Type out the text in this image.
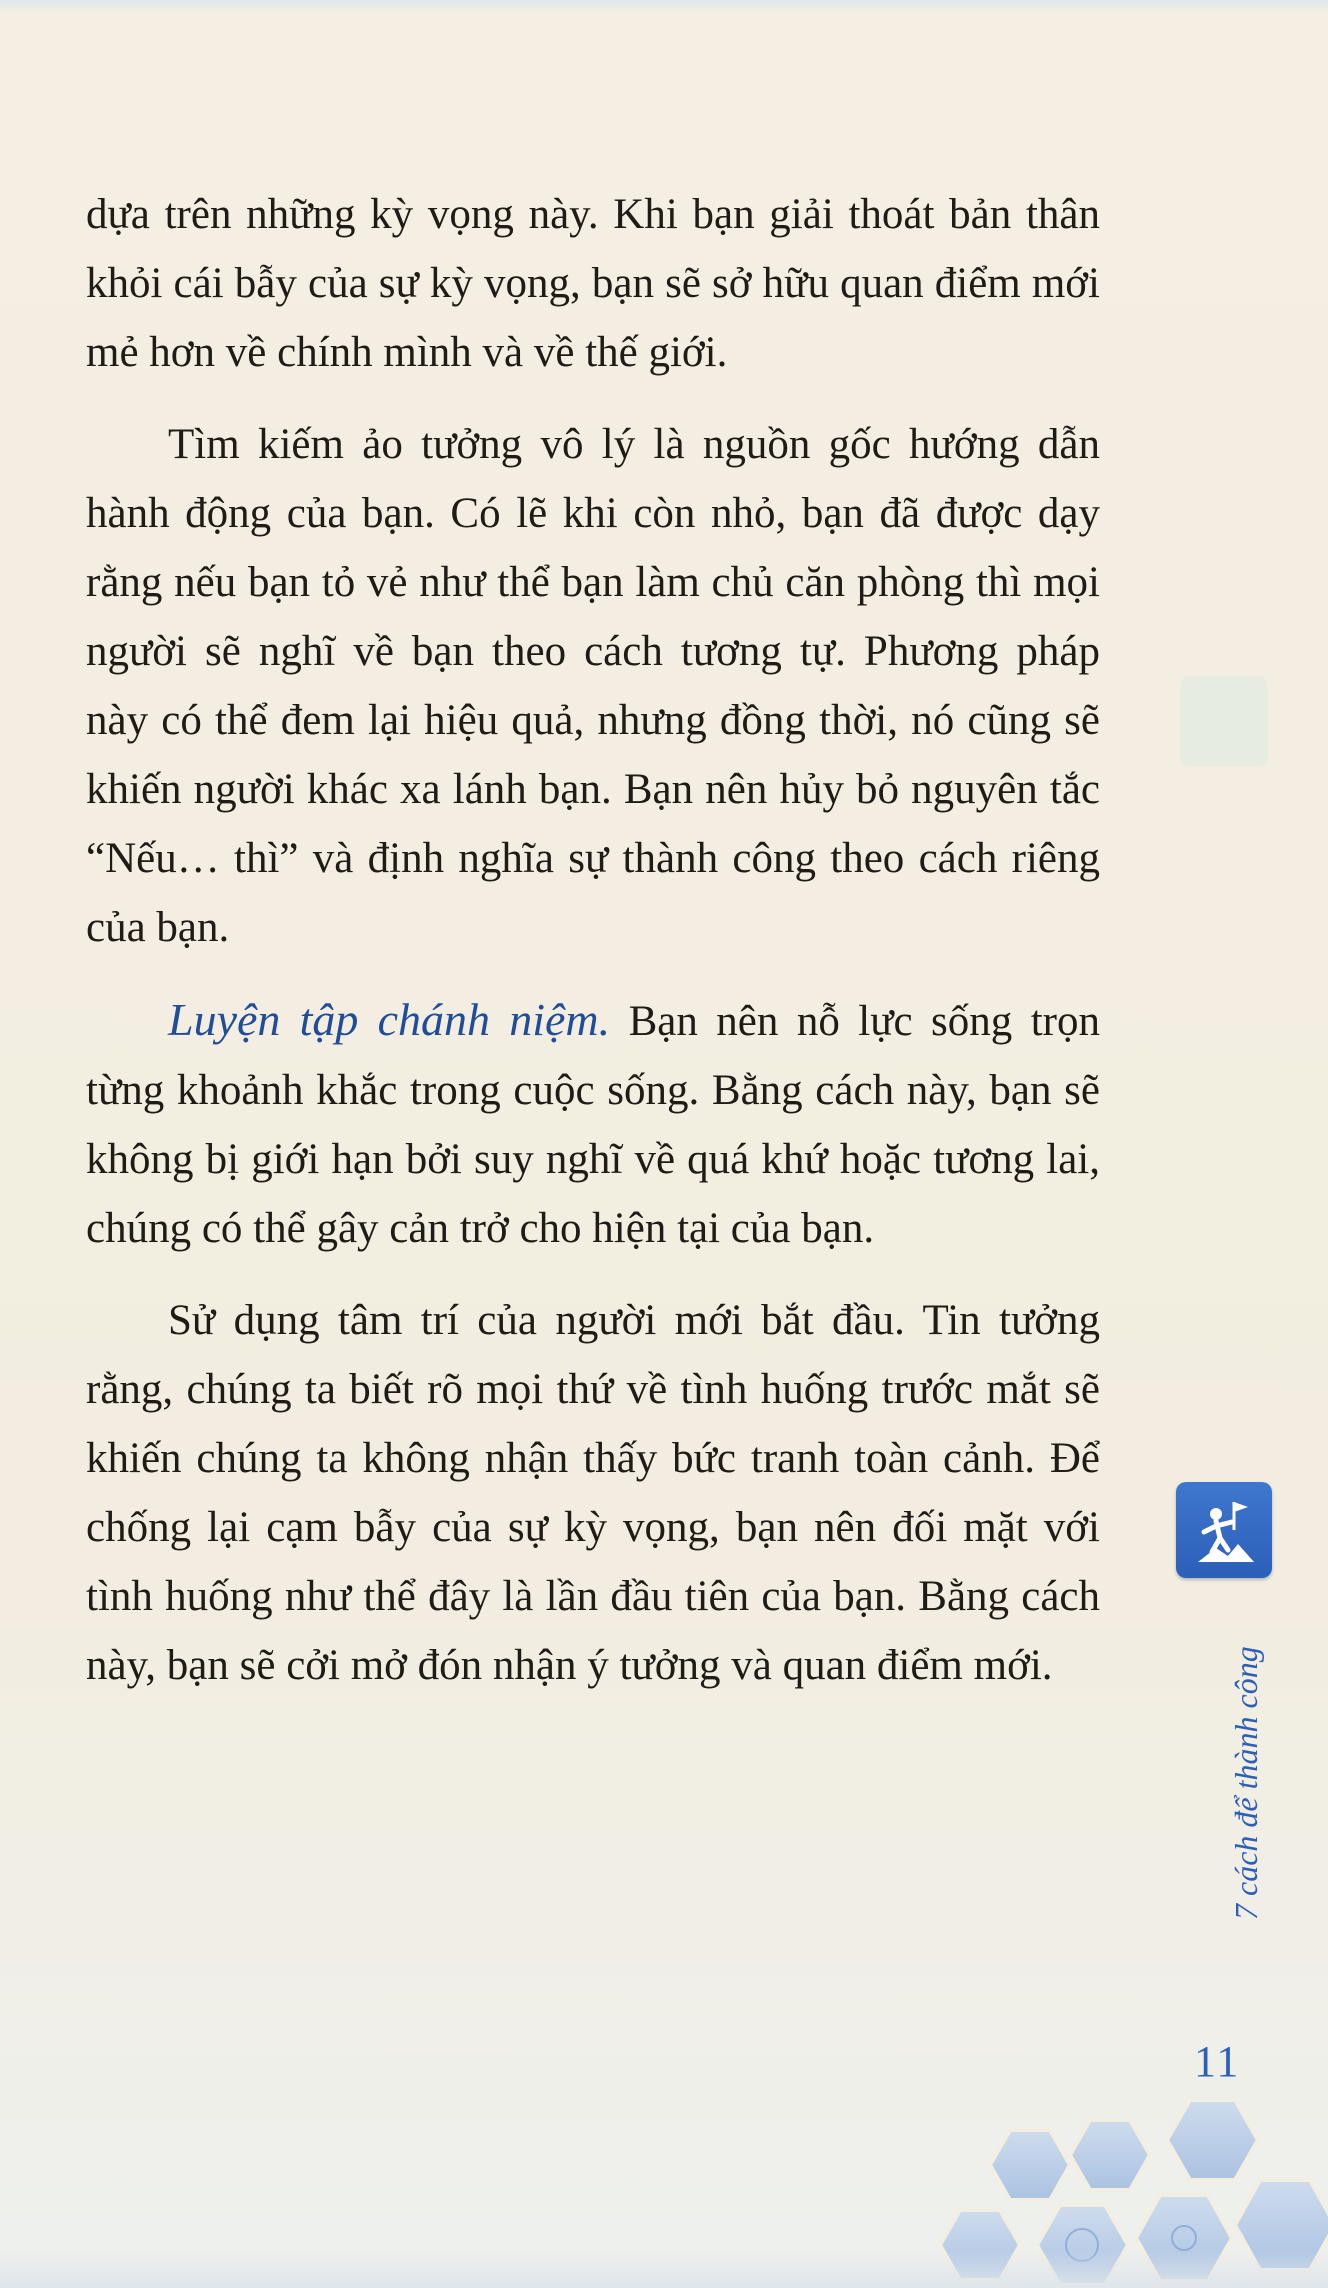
dựa trên những kỳ vọng này. Khi bạn giải thoát bản thân khỏi cái bẫy của sự kỳ vọng, bạn sẽ sở hữu quan điểm mới mẻ hơn về chính mình và về thế giới.

Tìm kiếm ảo tưởng vô lý là nguồn gốc hướng dẫn hành động của bạn. Có lẽ khi còn nhỏ, bạn đã được dạy rằng nếu bạn tỏ vẻ như thể bạn làm chủ căn phòng thì mọi người sẽ nghĩ về bạn theo cách tương tự. Phương pháp này có thể đem lại hiệu quả, nhưng đồng thời, nó cũng sẽ khiến người khác xa lánh bạn. Bạn nên hủy bỏ nguyên tắc “Nếu… thì” và định nghĩa sự thành công theo cách riêng của bạn.

Luyện tập chánh niệm. Bạn nên nỗ lực sống trọn từng khoảnh khắc trong cuộc sống. Bằng cách này, bạn sẽ không bị giới hạn bởi suy nghĩ về quá khứ hoặc tương lai, chúng có thể gây cản trở cho hiện tại của bạn.

Sử dụng tâm trí của người mới bắt đầu. Tin tưởng rằng, chúng ta biết rõ mọi thứ về tình huống trước mắt sẽ khiến chúng ta không nhận thấy bức tranh toàn cảnh. Để chống lại cạm bẫy của sự kỳ vọng, bạn nên đối mặt với tình huống như thể đây là lần đầu tiên của bạn. Bằng cách này, bạn sẽ cởi mở đón nhận ý tưởng và quan điểm mới.	7 cách để thành công
11
